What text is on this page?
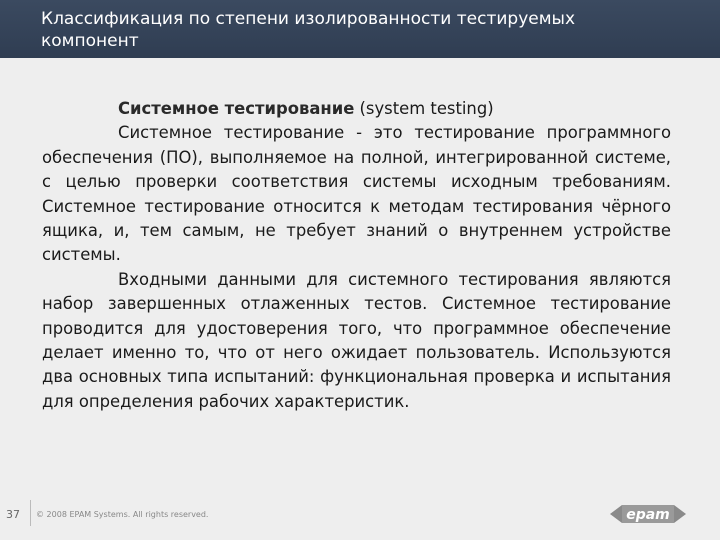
Классификация по степени изолированности тестируемых компонент

Системное тестирование (system testing)

Системное тестирование - это тестирование программного обеспечения (ПО), выполняемое на полной, интегрированной системе, с целью проверки соответствия системы исходным требованиям. Системное тестирование относится к методам тестирования чёрного ящика, и, тем самым, не требует знаний о внутреннем устройстве системы.

Входными данными для системного тестирования являются набор завершенных отлаженных тестов. Системное тестирование проводится для удостоверения того, что программное обеспечение делает именно то, что от него ожидает пользователь. Используются два основных типа испытаний: функциональная проверка и испытания для определения рабочих характеристик.

37 © 2008 EPAM Systems. All rights reserved.	epam
